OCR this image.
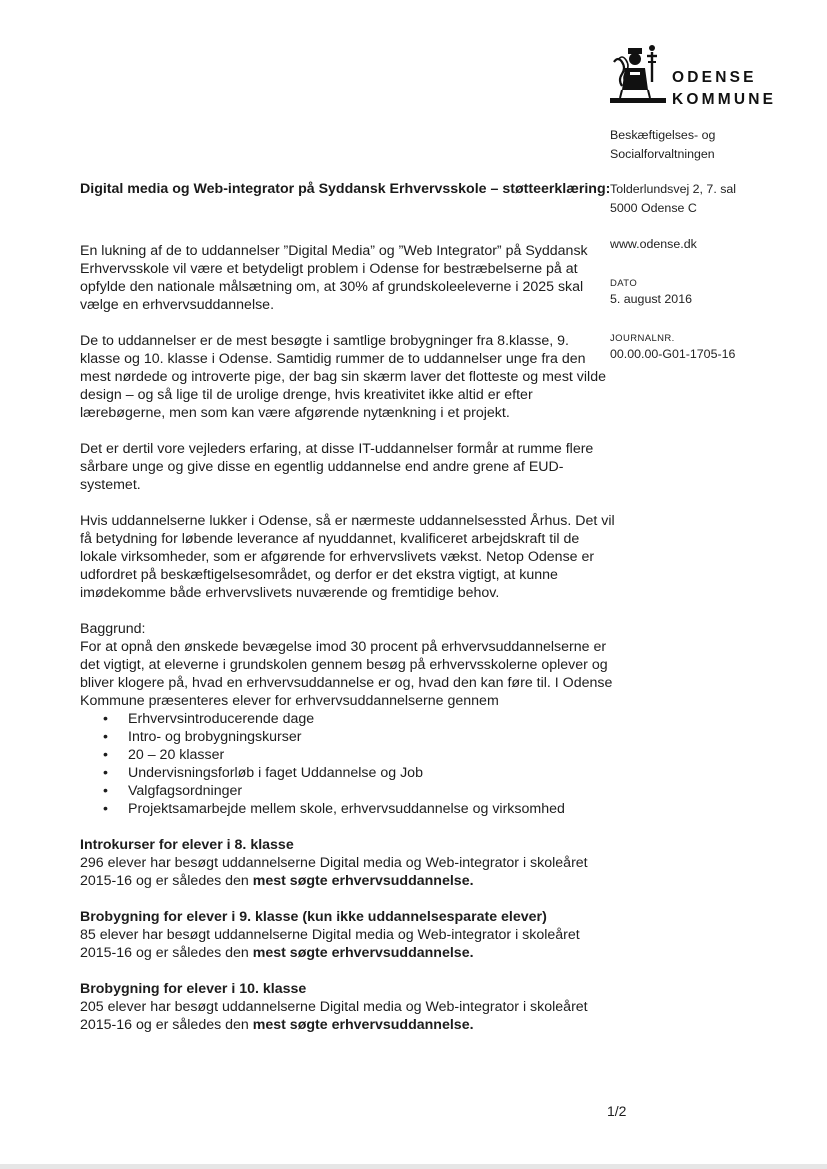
ODENSE
KOMMUNE
Beskæftigelses- og
Socialforvaltningen
Tolderlundsvej 2, 7. sal
5000 Odense C
www.odense.dk
DATO
5. august 2016
JOURNALNR.
00.00.00-G01-1705-16
Digital media og Web-integrator på Syddansk Erhvervsskole – støtteerklæring:
En lukning af de to uddannelser ”Digital Media” og ”Web Integrator” på Syddansk
Erhvervsskole vil være et betydeligt problem i Odense for bestræbelserne på at
opfylde den nationale målsætning om, at 30% af grundskoleeleverne i 2025 skal
vælge en erhvervsuddannelse.
De to uddannelser er de mest besøgte i samtlige brobygninger fra 8.klasse, 9.
klasse og 10. klasse i Odense. Samtidig rummer de to uddannelser unge fra den
mest nørdede og introverte pige, der bag sin skærm laver det flotteste og mest vilde
design – og så lige til de urolige drenge, hvis kreativitet ikke altid er efter
lærebøgerne, men som kan være afgørende nytænkning i et projekt.
Det er dertil vore vejleders erfaring, at disse IT-uddannelser formår at rumme flere
sårbare unge og give disse en egentlig uddannelse end andre grene af EUD-
systemet.
Hvis uddannelserne lukker i Odense, så er nærmeste uddannelsessted Århus. Det vil
få betydning for løbende leverance af nyuddannet, kvalificeret arbejdskraft til de
lokale virksomheder, som er afgørende for erhvervslivets vækst. Netop Odense er
udfordret på beskæftigelsesområdet, og derfor er det ekstra vigtigt, at kunne
imødekomme både erhvervslivets nuværende og fremtidige behov.
Baggrund:
For at opnå den ønskede bevægelse imod 30 procent på erhvervsuddannelserne er
det vigtigt, at eleverne i grundskolen gennem besøg på erhvervsskolerne oplever og
bliver klogere på, hvad en erhvervsuddannelse er og, hvad den kan føre til. I Odense
Kommune præsenteres elever for erhvervsuddannelserne gennem
• Erhvervsintroducerende dage
• Intro- og brobygningskurser
• 20 – 20 klasser
• Undervisningsforløb i faget Uddannelse og Job
• Valgfagsordninger
• Projektsamarbejde mellem skole, erhvervsuddannelse og virksomhed
Introkurser for elever i 8. klasse
296 elever har besøgt uddannelserne Digital media og Web-integrator i skoleåret
2015-16 og er således den mest søgte erhvervsuddannelse.
Brobygning for elever i 9. klasse (kun ikke uddannelsesparate elever)
85 elever har besøgt uddannelserne Digital media og Web-integrator i skoleåret
2015-16 og er således den mest søgte erhvervsuddannelse.
Brobygning for elever i 10. klasse
205 elever har besøgt uddannelserne Digital media og Web-integrator i skoleåret
2015-16 og er således den mest søgte erhvervsuddannelse.
1/2
